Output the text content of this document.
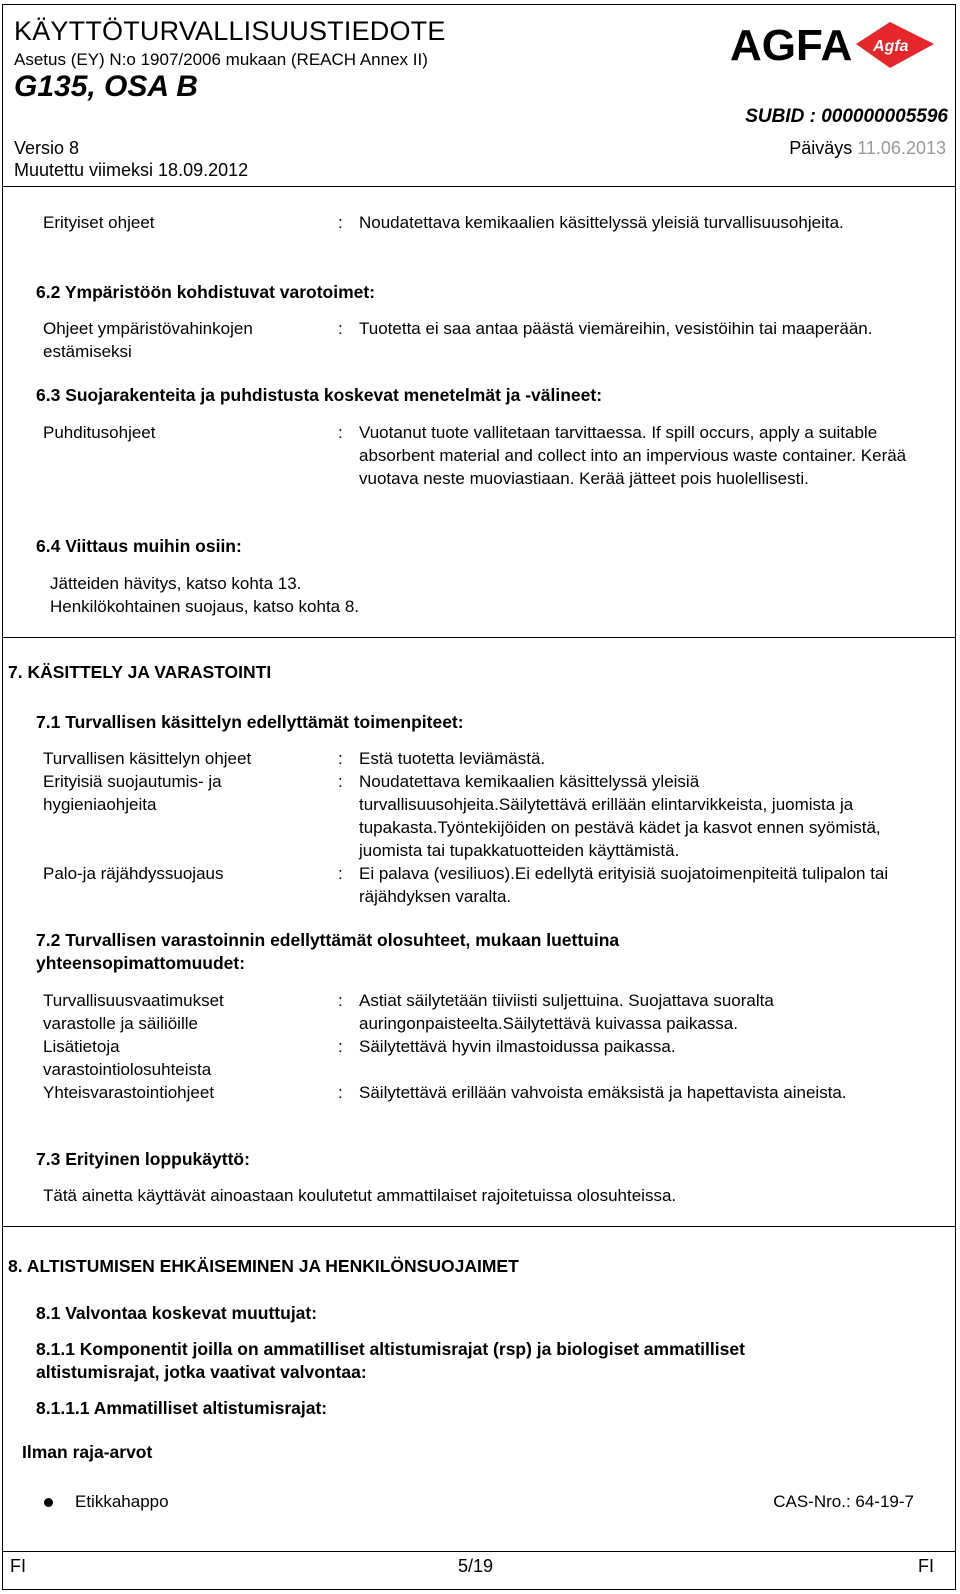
KÄYTTÖTURVALLISUUSTIEDOTE
Asetus (EY) N:o 1907/2006 mukaan (REACH Annex II)
G135, OSA B
AGFA Agfa
SUBID : 000000005596
Versio 8
Muutettu viimeksi 18.09.2012
Päiväys 11.06.2013
Erityiset ohjeet	: Noudatettava kemikaalien käsittelyssä yleisiä turvallisuusohjeita.
6.2 Ympäristöön kohdistuvat varotoimet:
Ohjeet ympäristövahinkojen
estämiseksi
: Tuotetta ei saa antaa päästä viemäreihin, vesistöihin tai maaperään.
6.3 Suojarakenteita ja puhdistusta koskevat menetelmät ja -välineet:
Puhditusohjeet	: Vuotanut tuote vallitetaan tarvittaessa. If spill occurs, apply a suitable absorbent material and collect into an impervious waste container. Kerää vuotava neste muoviastiaan. Kerää jätteet pois huolellisesti.
6.4 Viittaus muihin osiin:
Jätteiden hävitys, katso kohta 13.
Henkilökohtainen suojaus, katso kohta 8.
7. KÄSITTELY JA VARASTOINTI
7.1 Turvallisen käsittelyn edellyttämät toimenpiteet:
Turvallisen käsittelyn ohjeet	: Estä tuotetta leviämästä.
Erityisiä suojautumis- ja
hygieniaohjeita
: Noudatettava kemikaalien käsittelyssä yleisiä turvallisuusohjeita.Säilytettävä erillään elintarvikkeista, juomista ja tupakasta.Työntekijöiden on pestävä kädet ja kasvot ennen syömistä, juomista tai tupakkatuotteiden käyttämistä.
Palo-ja räjähdyssuojaus	: Ei palava (vesiliuos).Ei edellytä erityisiä suojatoimenpiteitä tulipalon tai räjähdyksen varalta.
7.2 Turvallisen varastoinnin edellyttämät olosuhteet, mukaan luettuina
yhteensopimattomuudet:
Turvallisuusvaatimukset
varastolle ja säiliöille
: Astiat säilytetään tiiviisti suljettuina. Suojattava suoralta auringonpaisteelta.Säilytettävä kuivassa paikassa.
Lisätietoja
varastointiolosuhteista
: Säilytettävä hyvin ilmastoidussa paikassa.
Yhteisvarastointiohjeet	: Säilytettävä erillään vahvoista emäksistä ja hapettavista aineista.
7.3 Erityinen loppukäyttö:
Tätä ainetta käyttävät ainoastaan koulutetut ammattilaiset rajoitetuissa olosuhteissa.
8. ALTISTUMISEN EHKÄISEMINEN JA HENKILÖNSUOJAIMET
8.1 Valvontaa koskevat muuttujat:
8.1.1 Komponentit joilla on ammatilliset altistumisrajat (rsp) ja biologiset ammatilliset
altistumisrajat, jotka vaativat valvontaa:
8.1.1.1 Ammatilliset altistumisrajat:
Ilman raja-arvot
Etikkahappo	CAS-Nro.: 64-19-7
FI	5/19	FI
